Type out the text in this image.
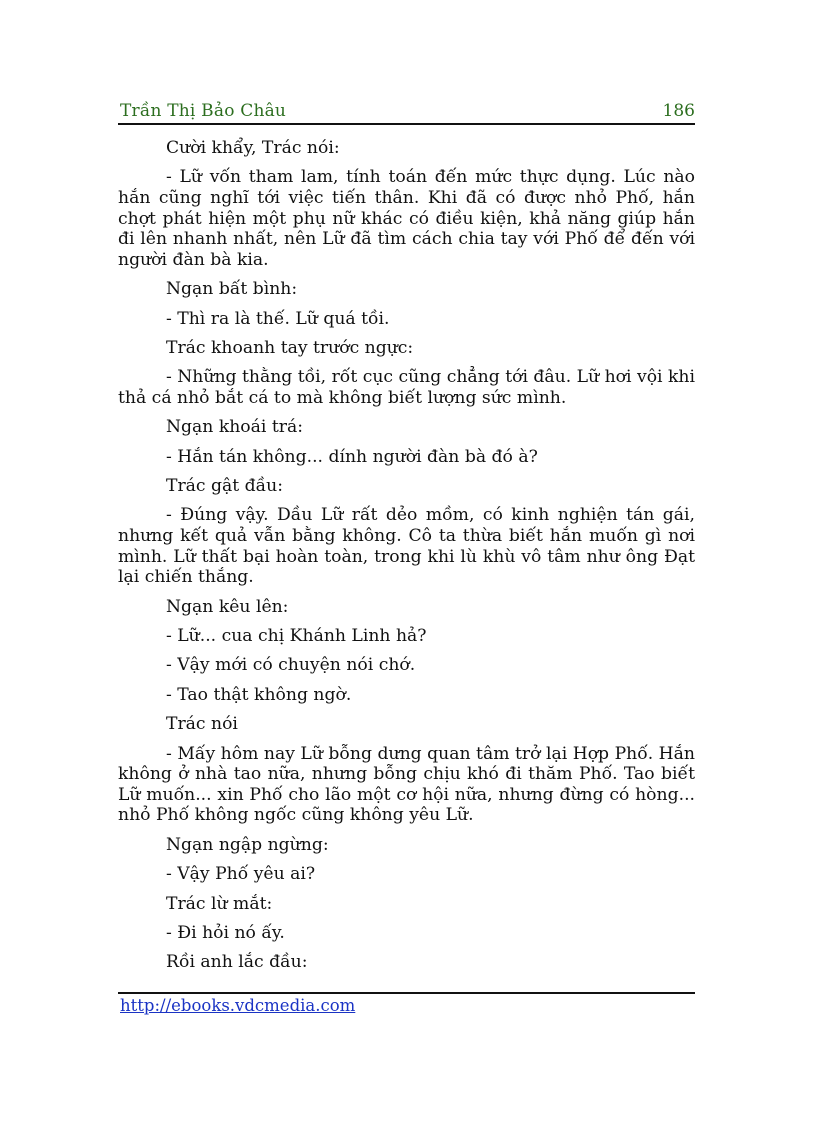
Trần Thị Bảo Châu	186

Cười khẩy, Trác nói:

- Lữ vốn tham lam, tính toán đến mức thực dụng. Lúc nào hắn cũng nghĩ tới việc tiến thân. Khi đã có được nhỏ Phố, hắn chợt phát hiện một phụ nữ khác có điều kiện, khả năng giúp hắn đi lên nhanh nhất, nên Lữ đã tìm cách chia tay với Phố để đến với người đàn bà kia.

Ngạn bất bình:

- Thì ra là thế. Lữ quá tồi.

Trác khoanh tay trước ngực:

- Những thằng tồi, rốt cục cũng chẳng tới đâu. Lữ hơi vội khi thả cá nhỏ bắt cá to mà không biết lượng sức mình.

Ngạn khoái trá:

- Hắn tán không... dính người đàn bà đó à?

Trác gật đầu:

- Đúng vậy. Dầu Lữ rất dẻo mồm, có kinh nghiện tán gái, nhưng kết quả vẫn bằng không. Cô ta thừa biết hắn muốn gì nơi mình. Lữ thất bại hoàn toàn, trong khi lù khù vô tâm như ông Đạt lại chiến thắng.

Ngạn kêu lên:

- Lữ... cua chị Khánh Linh hả?

- Vậy mới có chuyện nói chớ.

- Tao thật không ngờ.

Trác nói

- Mấy hôm nay Lữ bỗng dưng quan tâm trở lại Hợp Phố. Hắn không ở nhà tao nữa, nhưng bỗng chịu khó đi thăm Phố. Tao biết Lữ muốn... xin Phố cho lão một cơ hội nữa, nhưng đừng có hòng... nhỏ Phố không ngốc cũng không yêu Lữ.

Ngạn ngập ngừng:

- Vậy Phố yêu ai?

Trác lừ mắt:

- Đi hỏi nó ấy.

Rồi anh lắc đầu:

http://ebooks.vdcmedia.com
